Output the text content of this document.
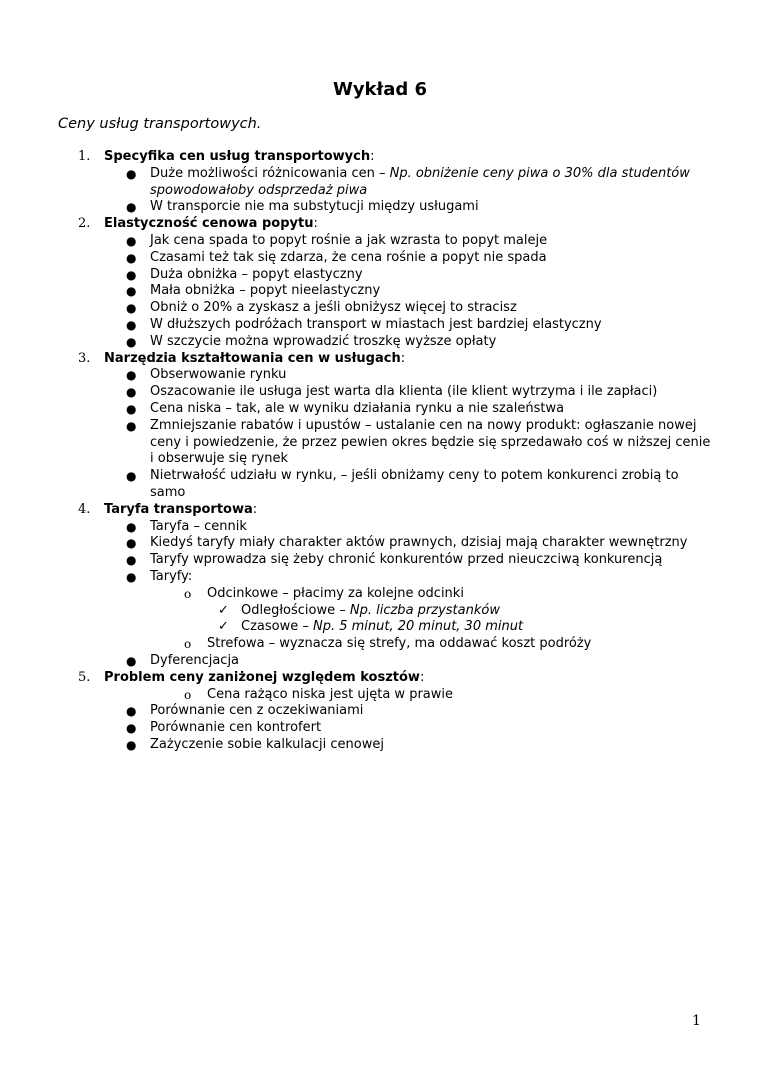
Wykład 6
Ceny usług transportowych.
1. Specyfika cen usług transportowych:
● Duże możliwości różnicowania cen – Np. obniżenie ceny piwa o 30% dla studentów
spowodowałoby odsprzedaż piwa
● W transporcie nie ma substytucji między usługami
2. Elastyczność cenowa popytu:
● Jak cena spada to popyt rośnie a jak wzrasta to popyt maleje
● Czasami też tak się zdarza, że cena rośnie a popyt nie spada
● Duża obniżka – popyt elastyczny
● Mała obniżka – popyt nieelastyczny
● Obniż o 20% a zyskasz a jeśli obniżysz więcej to stracisz
● W dłuższych podróżach transport w miastach jest bardziej elastyczny
● W szczycie można wprowadzić troszkę wyższe opłaty
3. Narzędzia kształtowania cen w usługach:
● Obserwowanie rynku
● Oszacowanie ile usługa jest warta dla klienta (ile klient wytrzyma i ile zapłaci)
● Cena niska – tak, ale w wyniku działania rynku a nie szaleństwa
● Zmniejszanie rabatów i upustów – ustalanie cen na nowy produkt: ogłaszanie nowej
ceny i powiedzenie, że przez pewien okres będzie się sprzedawało coś w niższej cenie
i obserwuje się rynek
● Nietrwałość udziału w rynku, – jeśli obniżamy ceny to potem konkurenci zrobią to
samo
4. Taryfa transportowa:
● Taryfa – cennik
● Kiedyś taryfy miały charakter aktów prawnych, dzisiaj mają charakter wewnętrzny
● Taryfy wprowadza się żeby chronić konkurentów przed nieuczciwą konkurencją
● Taryfy:
o Odcinkowe – płacimy za kolejne odcinki
✓ Odległościowe – Np. liczba przystanków
✓ Czasowe – Np. 5 minut, 20 minut, 30 minut
o Strefowa – wyznacza się strefy, ma oddawać koszt podróży
● Dyferencjacja
5. Problem ceny zaniżonej względem kosztów:
o Cena rażąco niska jest ujęta w prawie
● Porównanie cen z oczekiwaniami
● Porównanie cen kontrofert
● Zażyczenie sobie kalkulacji cenowej
1
